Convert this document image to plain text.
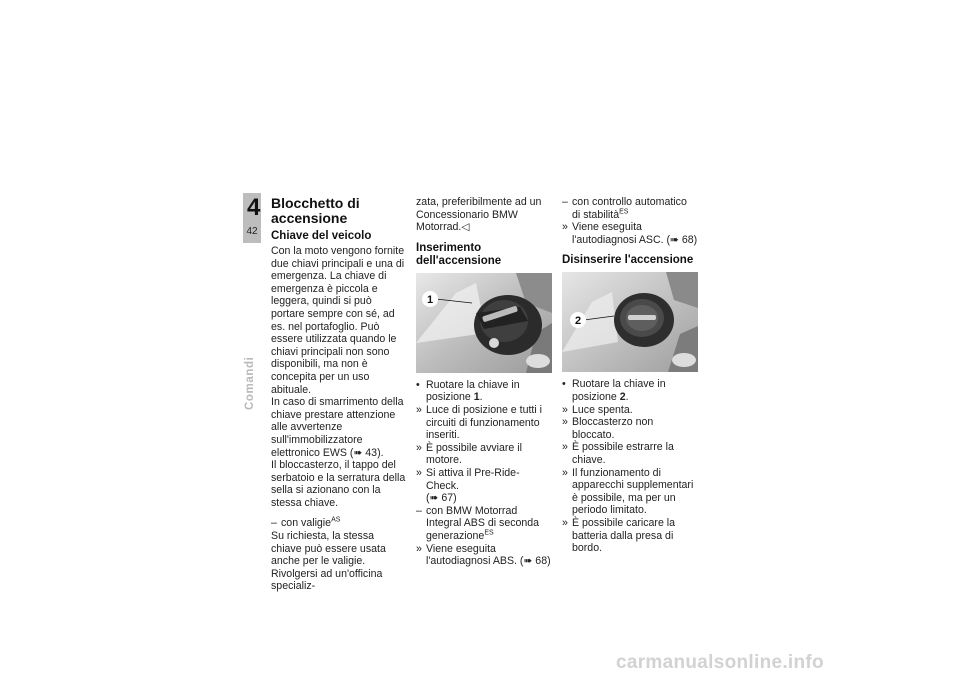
4
42
Comandi
Blocchetto di accensione
Chiave del veicolo

Con la moto vengono fornite due chiavi principali e una di emergenza. La chiave di emergenza è piccola e leggera, quindi si può portare sempre con sé, ad es. nel portafoglio. Può essere utilizzata quando le chiavi principali non sono disponibili, ma non è concepita per un uso abituale.

In caso di smarrimento della chiave prestare attenzione alle avvertenze sull'immobilizzatore elettronico EWS (➠ 43).

Il bloccasterzo, il tappo del serbatoio e la serratura della sella si azionano con la stessa chiave.

– con valigie$^{AS}$

Su richiesta, la stessa chiave può essere usata anche per le valigie. Rivolgersi ad un'officina specializ-

zata, preferibilmente ad un Concessionario BMW Motorrad.◁

Inserimento dell'accensione
1
• Ruotare la chiave in posizione 1.
» Luce di posizione e tutti i circuiti di funzionamento inseriti.
» È possibile avviare il motore.
» Si attiva il Pre-Ride-Check.
(➠ 67)
– con BMW Motorrad Integral ABS di seconda generazione$^{ES}$
» Viene eseguita l'autodiagnosi ABS. (➠ 68)
– con controllo automatico di stabilità$^{ES}$
» Viene eseguita l'autodiagnosi ASC. (➠ 68)
Disinserire l'accensione
2
• Ruotare la chiave in posizione 2.
» Luce spenta.
» Bloccasterzo non bloccato.
» È possibile estrarre la chiave.
» Il funzionamento di apparecchi supplementari è possibile, ma per un periodo limitato.
» È possibile caricare la batteria dalla presa di bordo.
carmanualsonline.info
